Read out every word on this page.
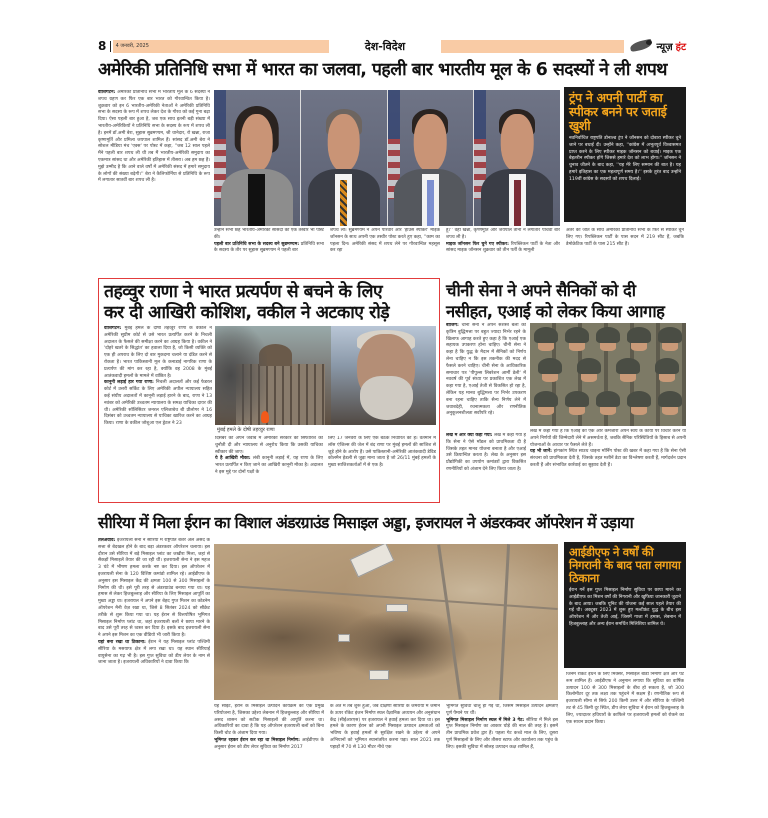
8	4 जनवरी, 2025	देश-विदेश	न्यूज़ हंट
अमेरिकी प्रतिनिधि सभा में भारत का जलवा, पहली बार भारतीय मूल के 6 सदस्यों ने ली शपथ
वाशिंगटन: अमेरिकी प्रतिनिधि सभा में भारतीय मूल के 6 सदस्यों ने शपथ ग्रहण कर फिर एक बार भारत को गौरवान्वित किया है। शुक्रवार को इन 6 भारतीय-अमेरिकी नेताओं ने अमेरिकी प्रतिनिधि सभा के सदस्य के रूप में शपथ लेकर देश के गौरव को कई गुना बढ़ा दिया। ऐसा पहली बार हुआ है, जब एक साथ इतनी बड़ी संख्या में भारतीय-अमेरिकियों ने प्रतिनिधि सभा के सदस्य के रूप में शपथ ली है। इनमें डॉ.अमी बेरा, सुहास सुब्रमण्यम, श्री थानेदार, रो खन्ना, राजा कृष्णमूर्ति और प्रमिला जयपाल शामिल हैं। सांसद डॉ.अमी बेरा ने सोशल मीडिया मंच 'एक्स' पर पोस्ट में कहा, ''जब 12 साल पहले मैंने पहली बार शपथ ली थी तब मैं भारतीय-अमेरिकी समुदाय का एकमात्र सांसद था और अमेरिकी इतिहास में तीसरा। अब हम छह हैं। मुझे उम्मीद है कि आने वाले वर्षों में अमेरिकी संसद में हमारे समुदाय के लोगों की संख्या बढ़ेगी।'' बेरा ने कैलिफोर्निया से प्रतिनिधि के रूप में लगातार सातवीं बार शपथ ली है।
उन्होंने सभी छह भारतीय-अमेरिकी सांसदों की एक तस्वीर भी पोस्ट की।
पहली बार प्रतिनिधि सभा के सदस्य बने सुब्रमण्यम: प्रतिनिधि सभा के सदस्य के तौर पर सुहास सुब्रमण्यम ने पहली बार
शपथ ली। सुब्रमण्यम ने अपने परिवार और 'हाउस स्पीकर' माइक जॉनसन के साथ अपनी एक तस्वीर पोस्ट करते हुए कहा, ''काम का पहला दिन। अमेरिकी संसद में शपथ लेने पर गौरवान्वित महसूस कर रहा
हूं।'' वहीं खन्ना, कृष्णमूर्ति और जयपाल तीनों ने लगातार पांचवीं बार शपथ ली है।
माइक जॉनसन फिर चुने गए स्पीकर: रिपब्लिकन पार्टी के नेता और सांसद माइक जॉनसन शुक्रवार को तीन पर्ती के मामूली
ट्रंप ने अपनी पार्टी का स्पीकर बनने पर जताई खुशी
नवनिर्वाचित राष्ट्रपति डोनाल्ड ट्रंप ने जॉनसन को दोबारा स्पीकर चुने जाने पर बधाई दी। उन्होंने कहा, ''कांग्रेस में अभूतपूर्व विश्वासमत प्राप्त करने के लिए स्पीकर माइक जॉनसन को बधाई। माइक एक बेहतरीन स्पीकर होंगे जिससे हमारे देश को लाभ होगा।'' जॉनसन ने चुनाव जीतने के बाद कहा, ''यह मेरे लिए सम्मान की बात है। यह हमारे इतिहास का एक महत्वपूर्ण समय है।'' इसके तुरंत बाद उन्होंने 119वीं कांग्रेस के सदस्यों को शपथ दिलाई।
अंतर की जीत के साथ अमेरिकी प्रतिनिधि सभा के फिर से स्पीकर चुन लिए गए। रिपब्लिकन पार्टी के पास सदन में 219 सीट हैं, जबकि डेमोक्रेटिक पार्टी के पास 215 सीट हैं।
तहव्वुर राणा ने भारत प्रत्यर्पण से बचने के लिए
कर दी आखिरी कोशिश, वकील ने अटकाए रोड़े
वाशिंगटन: मुंबई हमले के दोषी तहव्वुर राणा के वकील ने अमेरिकी सुप्रीम कोर्ट से उसे भारत प्रत्यर्पित करने के निचली अदालत के फैसले की समीक्षा करने का आग्रह किया है। वकील ने 'दोहरे खतरे के सिद्धांत' का हवाला दिया है, जो किसी व्यक्ति को एक ही अपराध के लिए दो बार मुकदमा चलाने या दंडित करने से रोकता है। भारत पाकिस्तानी मूल के कनाडाई नागरिक राणा के प्रत्यर्पण की मांग कर रहा है, क्योंकि वह 2008 के मुंबई आतंकवादी हमलों के मामले में वांछित है।
कानूनी लड़ाई हार गया राणा: निचली अदालतों और कई फेडरल कोर्ट में उत्तरी सर्किट के लिए अमेरिकी अपील न्यायालय सहित कई संघीय अदालतों में कानूनी लड़ाई हारने के बाद, राणा ने 13 नवंबर को अमेरिकी उच्चतम न्यायालय के समक्ष याचिका दायर की थी। अमेरिकी सॉलिसिटर जनरल एलिजाबेथ बी प्रीलोगर ने 16 दिसंबर को उच्चतम न्यायालय से याचिका खारिज करने का आग्रह किया। राणा के वकील जोशुआ एल ड्रेटल ने 23
मुंबई हमले के दोषी तहव्वुर राणा
दिसंबर को अपने जवाब में अमेरिकी सरकार की सिफारिश को चुनौती दी और न्यायालय से अनुरोध किया कि उसकी याचिका स्वीकार की जाए।
ये है आखिरी मौका: लंबी कानूनी लड़ाई में, यह राणा के लिए भारत प्रत्यर्पित न किए जाने का आखिरी कानूनी मौका है। अदालत ने इस मुद्दे पर दोनों पक्षों के
लिए 17 जनवरी के लिए एक बैठक निर्धारित की है। वर्तमान में लॉस एंजिल्स की जेल में बंद राणा पर मुंबई हमलों की साजिश से जुड़े होने के आरोप हैं। उसे पाकिस्तानी-अमेरिकी आतंकवादी डेविड कोलमैन हेडली से जुड़ा माना जाता है जो 26/11 मुंबई हमलों के मुख्य साजिशकर्ताओं में से एक है।
चीनी सेना ने अपने सैनिकों को दी
नसीहत, एआई को लेकर किया आगाह
बीजिंग: चीनी सेना ने अपने सशस्त्र बलों को कृत्रिम बुद्धिमत्ता पर बहुत ज्यादा निर्भर रहने के खिलाफ आगाह करते हुए कहा है कि एआई एक सहायक उपकरण होना चाहिए। चीनी सेना ने कहा है कि युद्ध के मैदान में सैनिकों को निर्णय लेना चाहिए न कि इस तकनीक की मदद से फैसले करने चाहिए। चीनी सेना के आधिकारिक समाचार पत्र 'पीपुल्स लिबरेशन आर्मी डेली' में नववर्ष की पूर्व संध्या पर प्रकाशित एक लेख में कहा गया है, एआई तेजी से विकसित हो रहा है, लेकिन यह मानव बुद्धिमत्ता पर निर्भर उपकरण बना रहना चाहिए ताकि सैन्य निर्णय लेने में जवाबदेही, रचनात्मकता और रणनीतिक अनुकूलनशीलता सर्वोपरि रहे।
लेख में और क्या कहा गया: लेख में कहा गया है कि सेना ने ऐसे मॉडल को प्राथमिकता दी है जिसके तहत मानव योजना बनाता है और एआई उसे क्रियान्वित करता है। लेख के अनुसार इस प्रौद्योगिकी का उपयोग कमांडरों द्वारा विकसित रणनीतियों को अंजाम देने लिए किया जाता है।
लेख में कहा गया है कि एआई की एक और कमजोरी अपने स्वयं के कार्यों पर विचार करने या अपने निर्णयों की जिम्मेदारी लेने में असमर्थता है, जबकि सैनिक परिस्थितियों के हिसाब से अपनी योजनाओं के आधार पर फैसले लेते हैं।
यह भी जानें: हांगकांग स्थित साउथ चाइना मॉर्निंग पोस्ट की खबर में कहा गया है कि सेना ऐसी संरचना को प्राथमिकता देती है, जिसके तहत मशीनें डेटा का विश्लेषण करती हैं, मार्गदर्शन प्रदान करती हैं और संभावित कार्रवाई का सुझाव देती हैं।
सीरिया में मिला ईरान का विशाल अंडरग्राउंड मिसाइल अड्डा, इजरायल ने अंडरकवर ऑपरेशन में उड़ाया
तेलअवीव: इजरायली सेना ने सीरिया में राष्ट्रपति बशर अल असद के सत्ता से बेदखल होने के बाद बड़ा अंडरकवर ऑपरेशन चलाया। इस दौरान उसे सीरिया में बड़े मिसाइल प्लांट का जखीरा मिला, जहां से सैकड़ों मिसाइलें तैयार की जा रही थीं। इजरायली सेना ने इस महज 3 घंटे में भीषण हमला करके नष्ट कर दिया। इस ऑपरेशन में इजरायली सेना के 120 विशिष्ट कमांडो शामिल रहे। आईडीएफ के अनुसार इस मिसाइल केंद्र की क्षमता 100 से 300 मिसाइलों के निर्माण की थी। इसे पूरी तरह से अंडरग्राउंड बनाया गया था। यह हमास से लेकर हिजबुल्लाह और सीरिया के लिए मिसाइल आपूर्ति का मुख्य अड्डा था। इजरायल ने अपने इस बेहद गुप्त मिशन का कोडनेम ऑपरेशन मैनी वेज़ रखा था, जिसे 8 सितंबर 2024 को सीक्रेट तरीके से शुरू किया गया था। यह ईरान से वित्तपोषित भूमिगत मिसाइल निर्माण प्लांट था, जहां इजरायली बलों ने छापा मारने के बाद उसे पूरी तरह से ध्वस्त कर दिया है। इसके बाद इजरायली सेना ने अपने इस मिशन का एक वीडियो भी जारी किया है।
यहां बना रखा था ठिकाना: ईरान ने यह मिसाइल प्लांट पश्चिमी सीरिया के मसयाफ क्षेत्र में लगा रखा था। यह स्थान सीरियाई वायुसेना का गढ़ भी है। इस गुप्त सुविधा को डीप लेयर के नाम से जाना जाता है। इजरायली अधिकारियों ने दावा किया कि
यह साइट, ईरान के मिसाइल उत्पादन कार्यक्रम की एक प्रमुख परियोजना है, जिसका उद्देश्य लेबनान में हिजबुल्लाह और सीरिया में असद शासन को सटीक मिसाइलों की आपूर्ति करना था। अधिकारियों का दावा है कि यह ऑपरेशन इजरायली बलों को बिना किसी चोट के अंजाम दिया गया।
भूमिगत रहकर ईरान कर रहा था मिसाइल निर्माण: आईडीएफ के अनुसार ईरान को डीप लेयर सुविधा का निर्माण 2017
के अंत में तब शुरू हुआ, जब दक्षिणी सीरिया के जमराया में जमीन के ऊपर रॉकेट इंजन निर्माण स्थल वैज्ञानिक अध्ययन और अनुसंधान केंद्र (सीईआरएस) पर इजरायल ने हवाई हमला कर दिया था। इस हमले के कारण ईरान को अपनी मिसाइल उत्पादन क्षमताओं को भविष्य के हवाई हमलों से सुरक्षित रखने के उद्देश्य से अपने अभियानों को भूमिगत स्थानांतरित करना पड़ा। साल 2021 तक पहाड़ों में 70 से 130 मीटर नीचे एक
भूमिगत सुविधा चालू हो गई थी, जिसमें मिसाइल उत्पादन क्षमताएं पूर्ण पैमाने पर थीं।
भूमिगत मिसाइल निर्माण स्थल में मिले 3 गेट: सीरिया में मिले इस गुप्त मिसाइल निर्माण का आकार घोड़े की नाल की तरह है। इसमें तीन प्राथमिक प्रवेश द्वार हैं। पहला गेट कच्चे माल के लिए, दूसरा पूर्ण मिसाइलों के लिए और तीसरा स्टाफ और कार्यालय तक पहुंच के लिए। इसकी सुविधा में सोलह उत्पादन कक्ष शामिल हैं,
आईडीएफ ने वर्षों की निगरानी के बाद पता लगाया ठिकाना
ईरान गर्ने इस गुप्त मिसाइल निर्माण सुविधा पर छापा मारने का आईडीएफ का मिशन वर्षों की निगरानी और खुफिया जानकारी जुटाने के बाद आया। जबकि यूनिट की योजना कई साल पहले तैयार की गई थी। अक्टूबर 2023 में शुरू हुए मल्टीफ्रंट युद्ध के बीच इस ऑपरेशन में और तेजी आई, जिसमें गाजा में हमास, लेबनान में हिजबुल्लाह और अन्य ईरान समर्थित मिलिशिया शामिल थे।
जिनमें रॉकेट ईंधन के लिए मिक्सर, मिसाइल बॉडी निर्माण क्षेत्र और पेंट रूम शामिल हैं। आईडीएफ ने अनुमान लगाया कि सुविधा का वार्षिक उत्पादन 100 से 300 मिसाइलों के बीच हो सकता है, जो 300 किलोमीटर दूर तक लक्ष्य तक पहुंचने में सक्षम हैं। रणनीतिक रूप से इजरायली सीमा से सिर्फ 200 किमी उत्तर में और सीरिया के पश्चिमी तट से 45 किमी दूर स्थित, डीप लेयर सुविधा ने ईरान को हिजबुल्लाह के लिए, ज्यादातर हथियारों के काफिले पर इजरायली हमलों को रोकने का एक साधन प्रदान किया।
